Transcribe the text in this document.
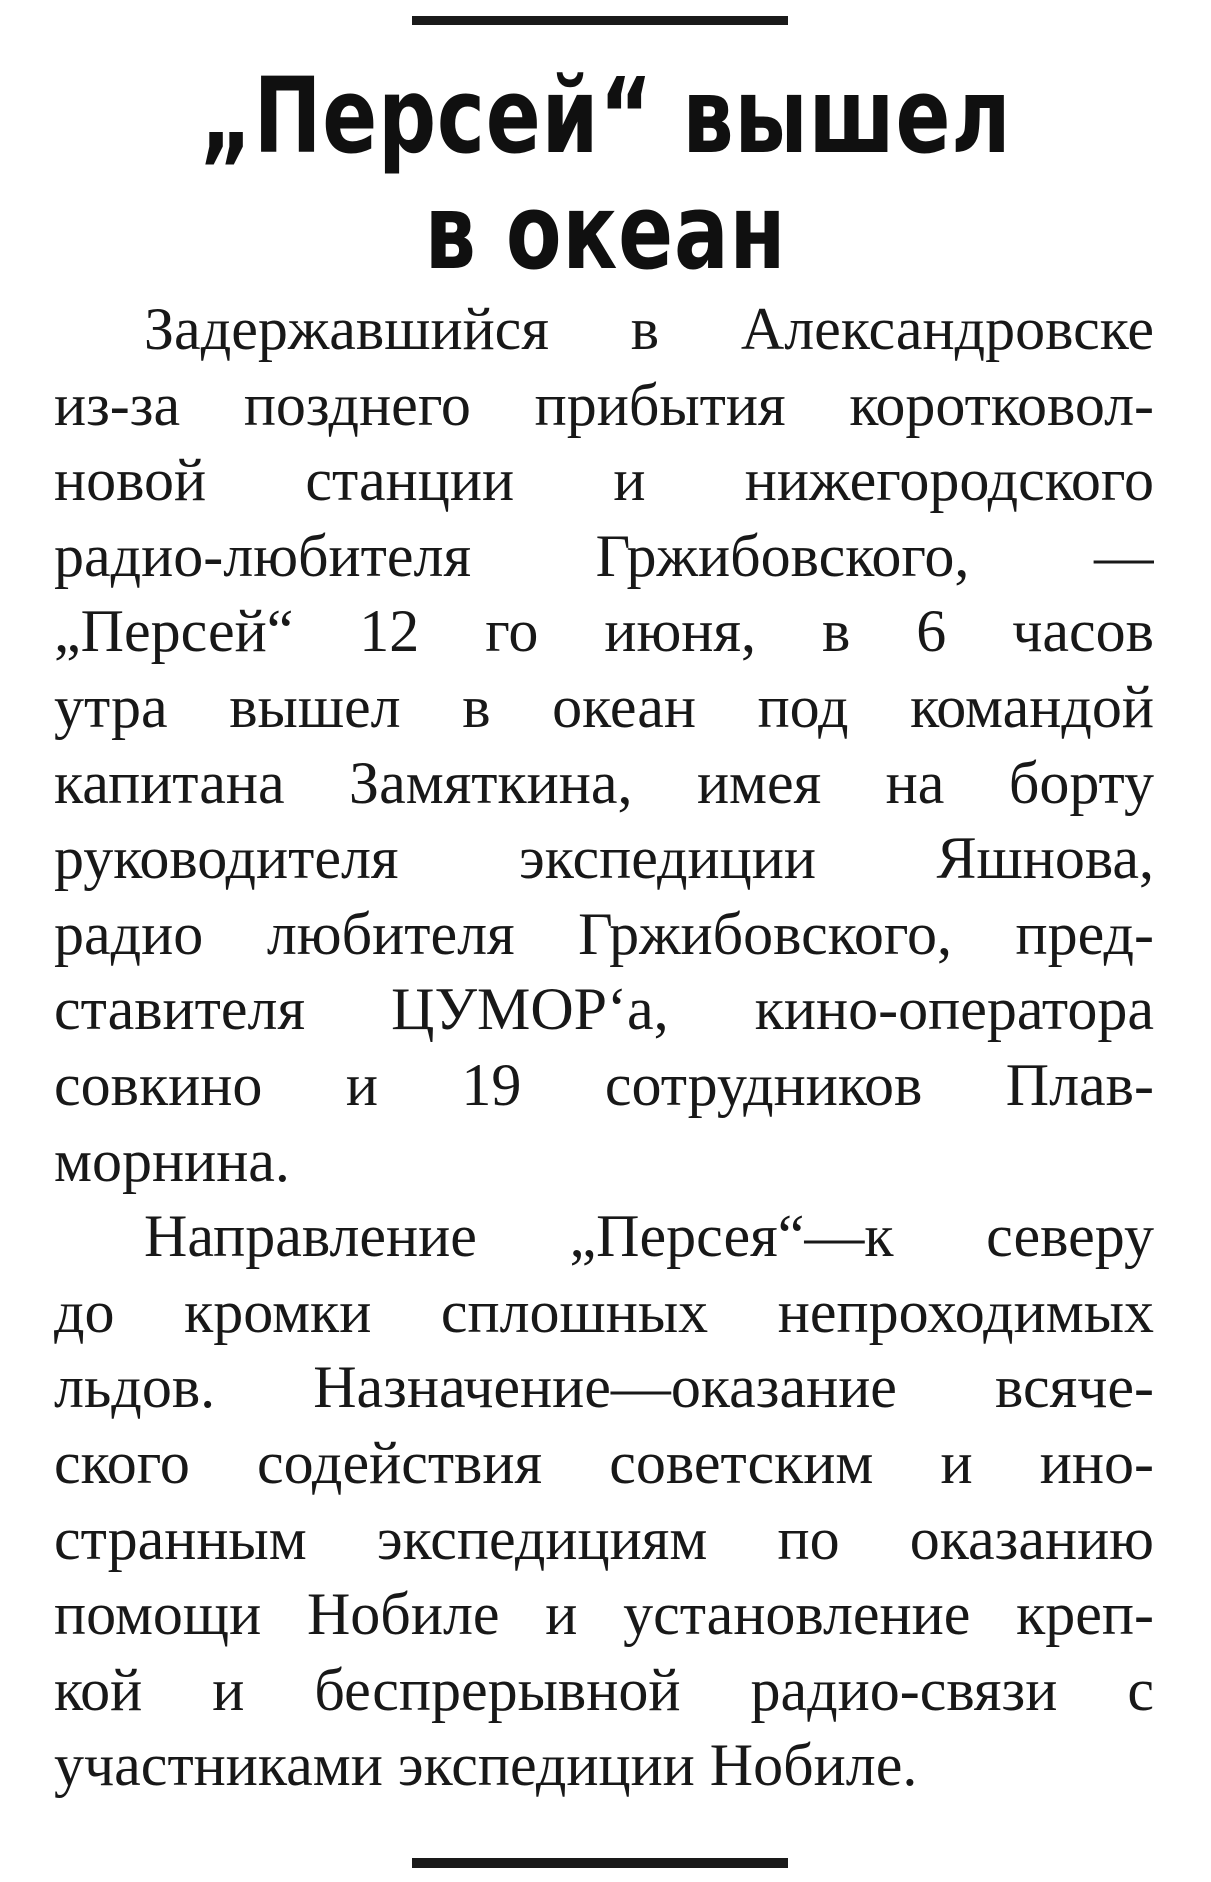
„Персей“ вышел
в океан
Задержавшийся в Александровске
из-за позднего прибытия коротковол-
новой станции и нижегородского
радио-любителя Гржибовского, —
„Персей“ 12 го июня, в 6 часов
утра вышел в океан под командой
капитана Замяткина, имея на борту
руководителя экспедиции Яшнова,
радио любителя Гржибовского, пред-
ставителя ЦУМОР‘а, кино-оператора
совкино и 19 сотрудников Плав-
морнина.
Направление „Персея“—к северу
до кромки сплошных непроходимых
льдов. Назначение—оказание всяче-
ского содействия советским и ино-
странным экспедициям по оказанию
помощи Нобиле и установление креп-
кой и беспрерывной радио-связи с
участниками экспедиции Нобиле.
